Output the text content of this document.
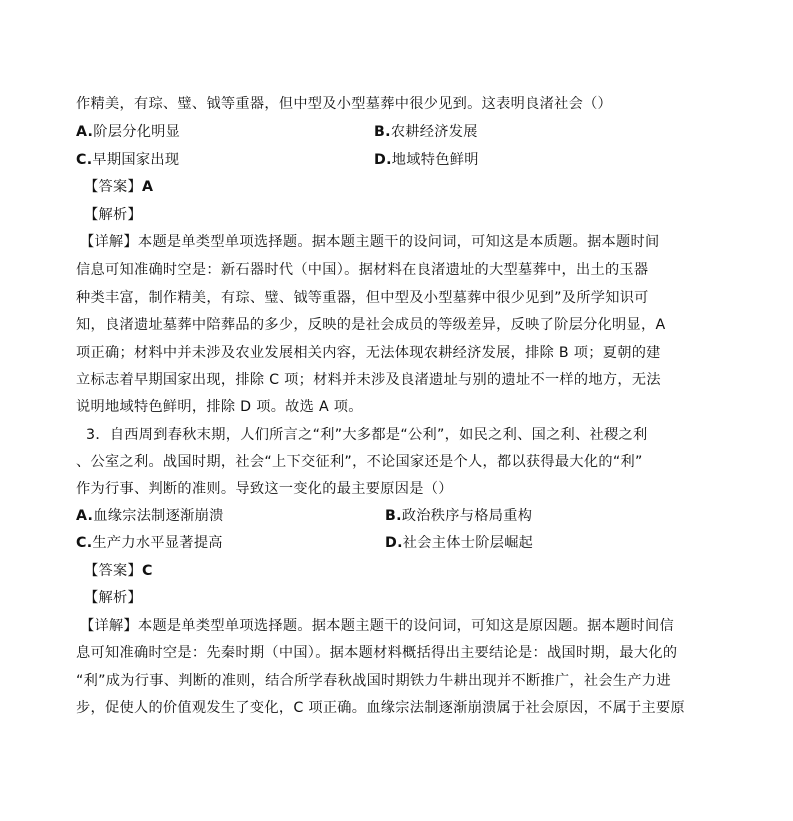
作精美，有琮、璧、钺等重器，但中型及小型墓葬中很少见到。这表明良渚社会（）
A.阶层分化明显	B.农耕经济发展
C.早期国家出现	D.地域特色鲜明
【答案】A
【解析】
【详解】本题是单类型单项选择题。据本题主题干的设问词，可知这是本质题。据本题时间
信息可知准确时空是：新石器时代（中国）。据材料在良渚遗址的大型墓葬中，出土的玉器
种类丰富，制作精美，有琮、璧、钺等重器，但中型及小型墓葬中很少见到”及所学知识可
知，良渚遗址墓葬中陪葬品的多少，反映的是社会成员的等级差异，反映了阶层分化明显，A
项正确；材料中并未涉及农业发展相关内容，无法体现农耕经济发展，排除 B 项；夏朝的建
立标志着早期国家出现，排除 C 项；材料并未涉及良渚遗址与别的遗址不一样的地方，无法
说明地域特色鲜明，排除 D 项。故选 A 项。
3．自西周到春秋末期，人们所言之“利”大多都是“公利”，如民之利、国之利、社稷之利
、公室之利。战国时期，社会“上下交征利”，不论国家还是个人，都以获得最大化的“利”
作为行事、判断的准则。导致这一变化的最主要原因是（）
A.血缘宗法制逐渐崩溃	B.政治秩序与格局重构
C.生产力水平显著提高	D.社会主体士阶层崛起
【答案】C
【解析】
【详解】本题是单类型单项选择题。据本题主题干的设问词，可知这是原因题。据本题时间信
息可知准确时空是：先秦时期（中国）。据本题材料概括得出主要结论是：战国时期，最大化的
“利”成为行事、判断的准则，结合所学春秋战国时期铁力牛耕出现并不断推广，社会生产力进
步，促使人的价值观发生了变化，C 项正确。血缘宗法制逐渐崩溃属于社会原因，不属于主要原
